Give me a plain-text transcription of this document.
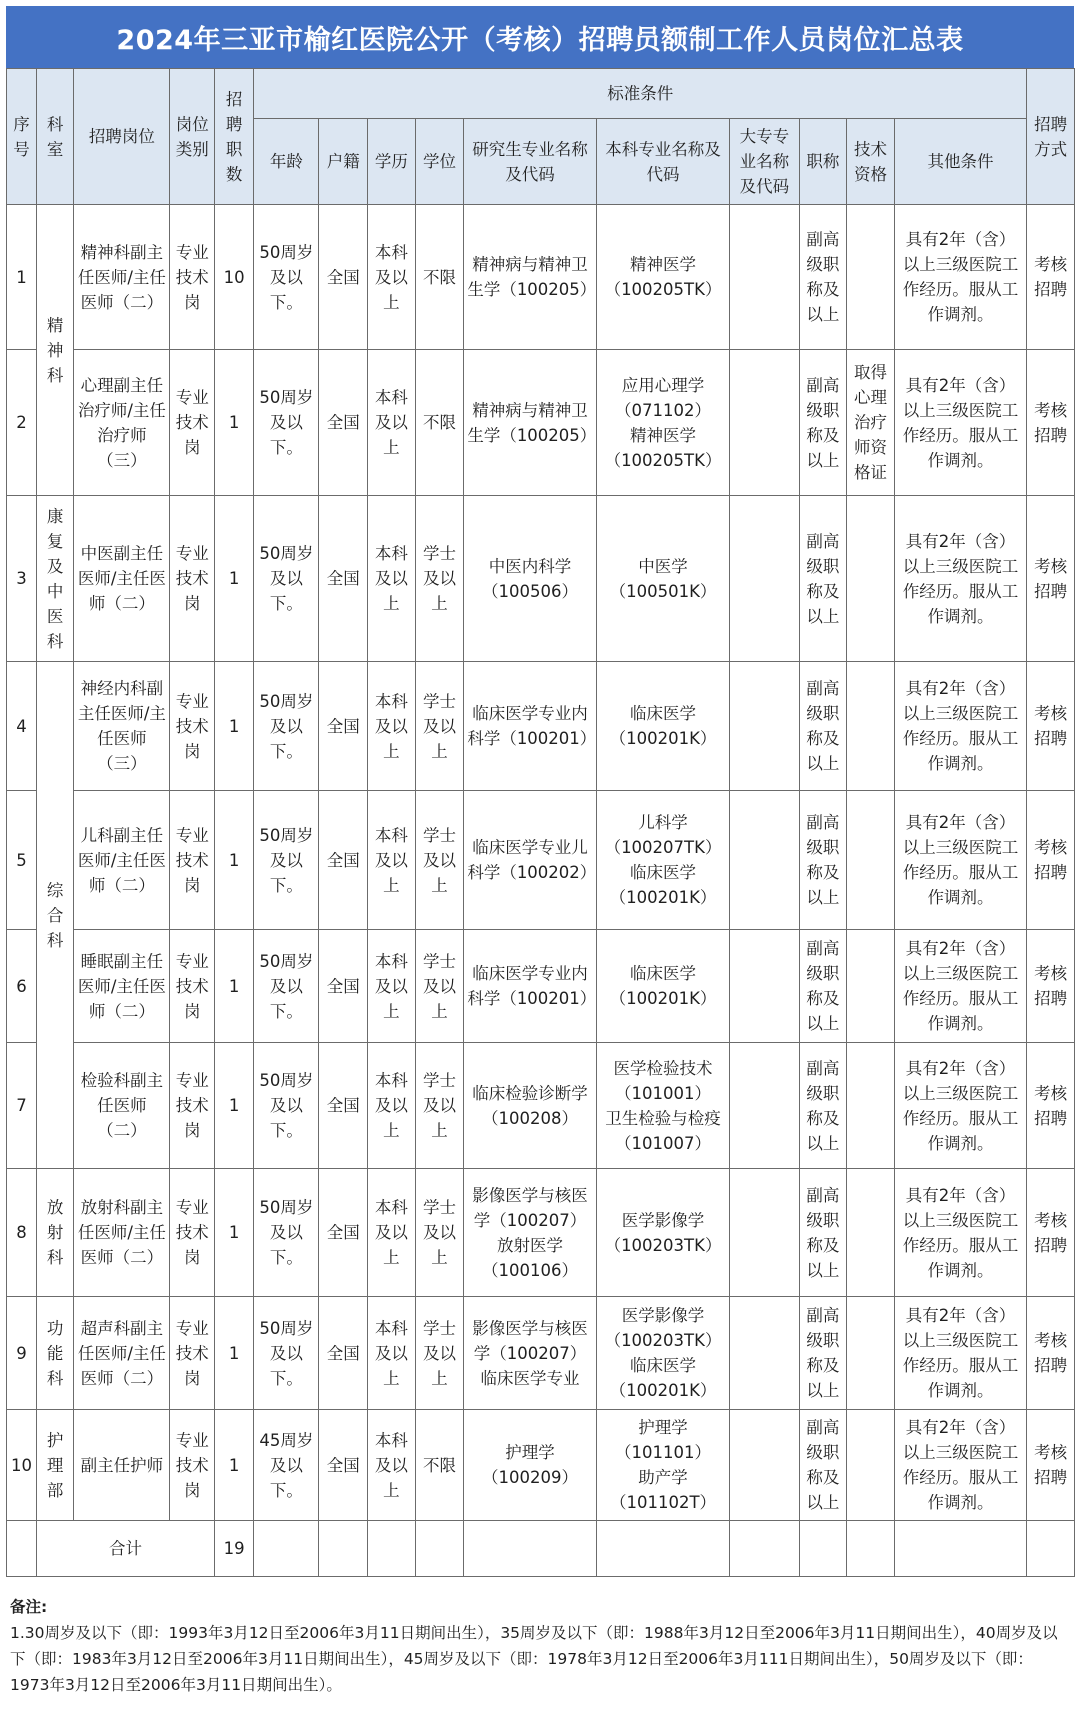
2024年三亚市榆红医院公开（考核）招聘员额制工作人员岗位汇总表
序号	科室	招聘岗位	岗位类别	招聘职数	标准条件										招聘方式
					年龄	户籍	学历	学位	研究生专业名称及代码	本科专业名称及代码	大专专业名称及代码	职称	技术资格	其他条件	
1	精神科	精神科副主任医师/主任医师（二）	专业技术岗	10	50周岁及以下。	全国	本科及以上	不限	精神病与精神卫生学（100205）	精神医学（100205TK）		副高级职称及以上		具有2年（含）以上三级医院工作经历。服从工作调剂。	考核招聘
2		心理副主任治疗师/主任治疗师（三）	专业技术岗	1	50周岁及以下。	全国	本科及以上	不限	精神病与精神卫生学（100205）	应用心理学（071102）
精神医学（100205TK）		副高级职称及以上	取得心理治疗师资格证	具有2年（含）以上三级医院工作经历。服从工作调剂。	考核招聘
3	康复及中医科	中医副主任医师/主任医师（二）	专业技术岗	1	50周岁及以下。	全国	本科及以上	学士及以上	中医内科学（100506）	中医学（100501K）		副高级职称及以上		具有2年（含）以上三级医院工作经历。服从工作调剂。	考核招聘
4	综合科	神经内科副主任医师/主任医师（三）	专业技术岗	1	50周岁及以下。	全国	本科及以上	学士及以上	临床医学专业内科学（100201）	临床医学（100201K）		副高级职称及以上		具有2年（含）以上三级医院工作经历。服从工作调剂。	考核招聘
5		儿科副主任医师/主任医师（二）	专业技术岗	1	50周岁及以下。	全国	本科及以上	学士及以上	临床医学专业儿科学（100202）	儿科学（100207TK）
临床医学（100201K）		副高级职称及以上		具有2年（含）以上三级医院工作经历。服从工作调剂。	考核招聘
6		睡眠副主任医师/主任医师（二）	专业技术岗	1	50周岁及以下。	全国	本科及以上	学士及以上	临床医学专业内科学（100201）	临床医学（100201K）		副高级职称及以上		具有2年（含）以上三级医院工作经历。服从工作调剂。	考核招聘
7		检验科副主任医师（二）	专业技术岗	1	50周岁及以下。	全国	本科及以上	学士及以上	临床检验诊断学（100208）	医学检验技术（101001）
卫生检验与检疫（101007）		副高级职称及以上		具有2年（含）以上三级医院工作经历。服从工作调剂。	考核招聘
8	放射科	放射科副主任医师/主任医师（二）	专业技术岗	1	50周岁及以下。	全国	本科及以上	学士及以上	影像医学与核医学（100207）
放射医学（100106）	医学影像学（100203TK）		副高级职称及以上		具有2年（含）以上三级医院工作经历。服从工作调剂。	考核招聘
9	功能科	超声科副主任医师/主任医师（二）	专业技术岗	1	50周岁及以下。	全国	本科及以上	学士及以上	影像医学与核医学（100207）
临床医学专业	医学影像学（100203TK）
临床医学（100201K）		副高级职称及以上		具有2年（含）以上三级医院工作经历。服从工作调剂。	考核招聘
10	护理部	副主任护师	专业技术岗	1	45周岁及以下。	全国	本科及以上	不限	护理学（100209）	护理学（101101）
助产学（101102T）		副高级职称及以上		具有2年（含）以上三级医院工作经历。服从工作调剂。	考核招聘
	合计			19											
备注:
1.30周岁及以下（即：1993年3月12日至2006年3月11日期间出生），35周岁及以下（即：1988年3月12日至2006年3月11日期间出生），40周岁及以下（即：1983年3月12日至2006年3月11日期间出生），45周岁及以下（即：1978年3月12日至2006年3月111日期间出生），50周岁及以下（即：1973年3月12日至2006年3月11日期间出生）。
